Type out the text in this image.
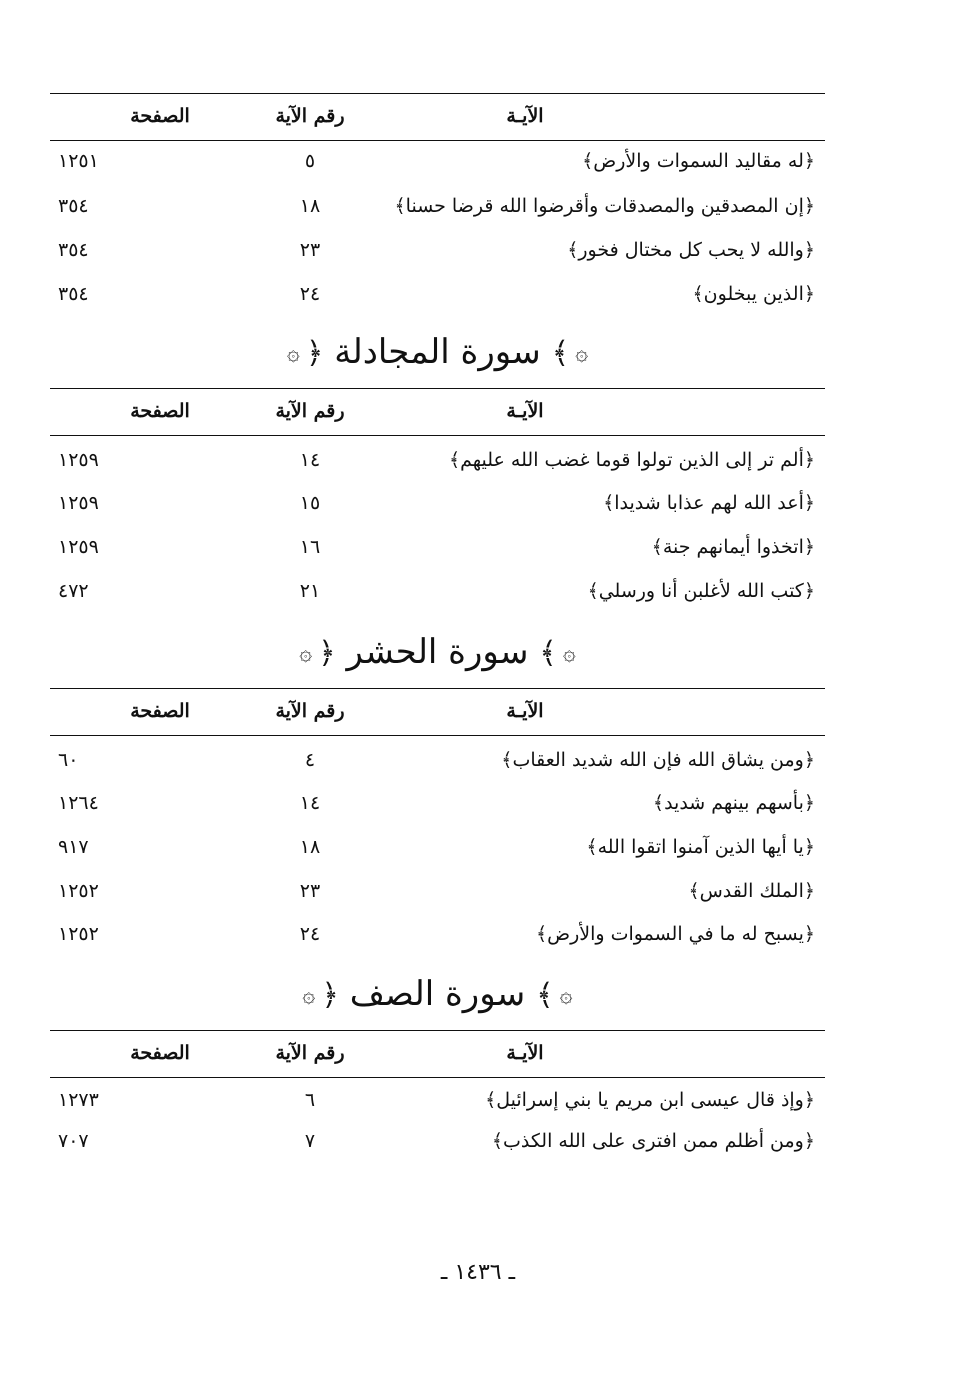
الآيـة
رقم الآية
الصفحة
﴿له مقاليد السموات والأرض﴾
٥
١٢٥١
﴿إن المصدقين والمصدقات وأقرضوا الله قرضا حسنا﴾
١٨
٣٥٤
﴿والله لا يحب كل مختال فخور﴾
٢٣
٣٥٤
﴿الذين يبخلون﴾
٢٤
٣٥٤
۞﴾ سورة المجادلة ﴿۞
الآيـة
رقم الآية
الصفحة
﴿ألم تر إلى الذين تولوا قوما غضب الله عليهم﴾
١٤
١٢٥٩
﴿أعد الله لهم عذابا شديدا﴾
١٥
١٢٥٩
﴿اتخذوا أيمانهم جنة﴾
١٦
١٢٥٩
﴿كتب الله لأغلبن أنا ورسلي﴾
٢١
٤٧٢
۞﴾ سورة الحشر ﴿۞
الآيـة
رقم الآية
الصفحة
﴿ومن يشاق الله فإن الله شديد العقاب﴾
٤
٦٠
﴿بأسهم بينهم شديد﴾
١٤
١٢٦٤
﴿يا أيها الذين آمنوا اتقوا الله﴾
١٨
٩١٧
﴿الملك القدس﴾
٢٣
١٢٥٢
﴿يسبح له ما في السموات والأرض﴾
٢٤
١٢٥٢
۞﴾ سورة الصف ﴿۞
الآيـة
رقم الآية
الصفحة
﴿وإذ قال عيسى ابن مريم يا بني إسرائيل﴾
٦
١٢٧٣
﴿ومن أظلم ممن افترى على الله الكذب﴾
٧
٧٠٧
ـ ١٤٣٦ ـ
